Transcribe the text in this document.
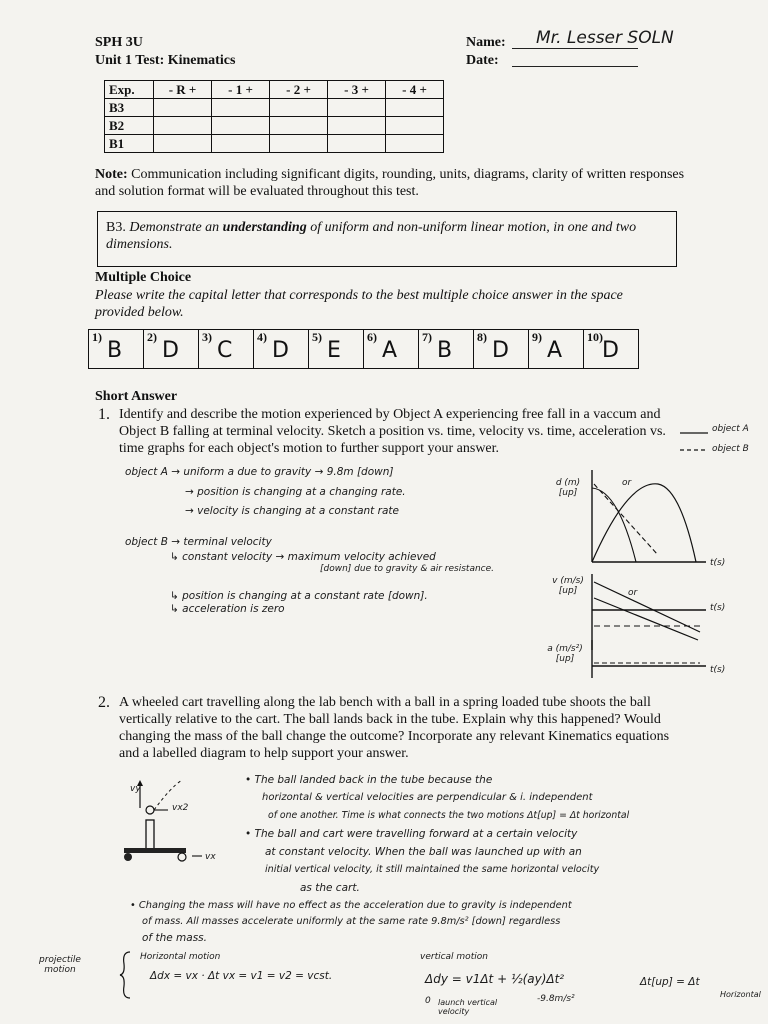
SPH 3U
Unit 1 Test: Kinematics
Name:
Date:
Mr. Lesser SOLN
Exp.	- R +	- 1 +	- 2 +	- 3 +	- 4 +
B3					
B2					
B1					
Note: Communication including significant digits, rounding, units, diagrams, clarity of written responses and solution format will be evaluated throughout this test.
B3. Demonstrate an understanding of uniform and non-uniform linear motion, in one and two dimensions.
Multiple Choice
Please write the capital letter that corresponds to the best multiple choice answer in the space provided below.
1)
B

2)
D

3)
C

4)
D

5)
E

6)
A

7)
B

8)
D

9)
A

10)
D
Short Answer
1. Identify and describe the motion experienced by Object A experiencing free fall in a vaccum and Object B falling at terminal velocity. Sketch a position vs. time, velocity vs. time, acceleration vs. time graphs for each object's motion to further support your answer.
object A
object B
object A → uniform a due to gravity → 9.8m [down]
→ position is changing at a changing rate.
→ velocity is changing at a constant rate
object B → terminal velocity
↳ constant velocity → maximum velocity achieved
[down] due to gravity & air resistance.
↳ position is changing at a constant rate [down].
↳ acceleration is zero
d (m) [up]
v (m/s) [up]
a (m/s²) [up]
t(s)
t(s)
t(s)
or
or
2. A wheeled cart travelling along the lab bench with a ball in a spring loaded tube shoots the ball vertically relative to the cart. The ball lands back in the tube. Explain why this happened? Would changing the mass of the ball change the outcome? Incorporate any relevant Kinematics equations and a labelled diagram to help support your answer.
vy
vx2
vx
• The ball landed back in the tube because the
horizontal & vertical velocities are perpendicular & i. independent
of one another. Time is what connects the two motions Δt[up] = Δt horizontal
• The ball and cart were travelling forward at a certain velocity
at constant velocity. When the ball was launched up with an
initial vertical velocity, it still maintained the same horizontal velocity
as the cart.
• Changing the mass will have no effect as the acceleration due to gravity is independent
of mass. All masses accelerate uniformly at the same rate 9.8m/s² [down] regardless
of the mass.
projectile motion
Horizontal motion
Δdx = vx · Δt vx = v1 = v2 = vcst.
vertical motion
Δdy = v1Δt + ½(ay)Δt²
launch vertical velocity
-9.8m/s²
0
Δt[up] = Δt
Horizontal
